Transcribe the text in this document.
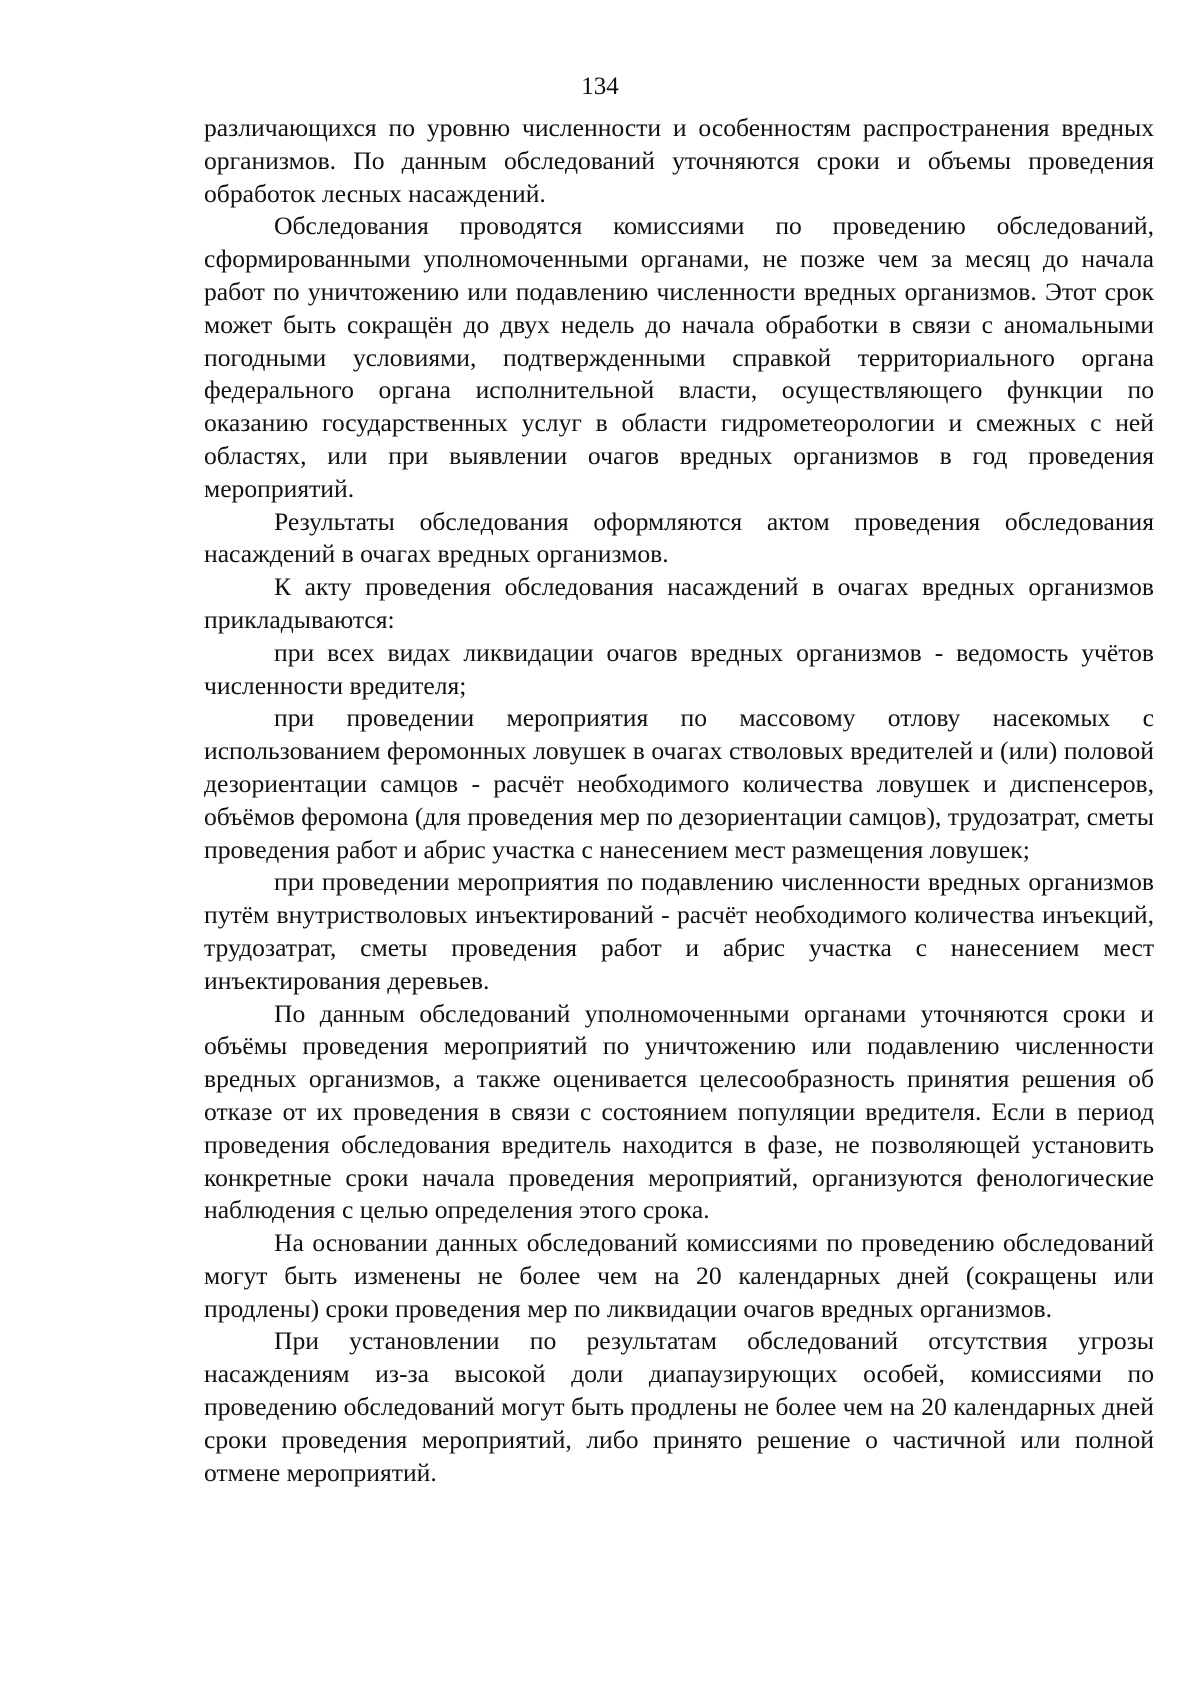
134

различающихся по уровню численности и особенностям распространения вредных организмов. По данным обследований уточняются сроки и объемы проведения обработок лесных насаждений.

Обследования проводятся комиссиями по проведению обследований, сформированными уполномоченными органами, не позже чем за месяц до начала работ по уничтожению или подавлению численности вредных организмов. Этот срок может быть сокращён до двух недель до начала обработки в связи с аномальными погодными условиями, подтвержденными справкой территориального органа федерального органа исполнительной власти, осуществляющего функции по оказанию государственных услуг в области гидрометеорологии и смежных с ней областях, или при выявлении очагов вредных организмов в год проведения мероприятий.

Результаты обследования оформляются актом проведения обследования насаждений в очагах вредных организмов.

К акту проведения обследования насаждений в очагах вредных организмов прикладываются:

при всех видах ликвидации очагов вредных организмов - ведомость учётов численности вредителя;

при проведении мероприятия по массовому отлову насекомых с использованием феромонных ловушек в очагах стволовых вредителей и (или) половой дезориентации самцов - расчёт необходимого количества ловушек и диспенсеров, объёмов феромона (для проведения мер по дезориентации самцов), трудозатрат, сметы проведения работ и абрис участка с нанесением мест размещения ловушек;

при проведении мероприятия по подавлению численности вредных организмов путём внутристволовых инъектирований - расчёт необходимого количества инъекций, трудозатрат, сметы проведения работ и абрис участка с нанесением мест инъектирования деревьев.

По данным обследований уполномоченными органами уточняются сроки и объёмы проведения мероприятий по уничтожению или подавлению численности вредных организмов, а также оценивается целесообразность принятия решения об отказе от их проведения в связи с состоянием популяции вредителя. Если в период проведения обследования вредитель находится в фазе, не позволяющей установить конкретные сроки начала проведения мероприятий, организуются фенологические наблюдения с целью определения этого срока.

На основании данных обследований комиссиями по проведению обследований могут быть изменены не более чем на 20 календарных дней (сокращены или продлены) сроки проведения мер по ликвидации очагов вредных организмов.

При установлении по результатам обследований отсутствия угрозы насаждениям из-за высокой доли диапаузирующих особей, комиссиями по проведению обследований могут быть продлены не более чем на 20 календарных дней сроки проведения мероприятий, либо принято решение о частичной или полной отмене мероприятий.
